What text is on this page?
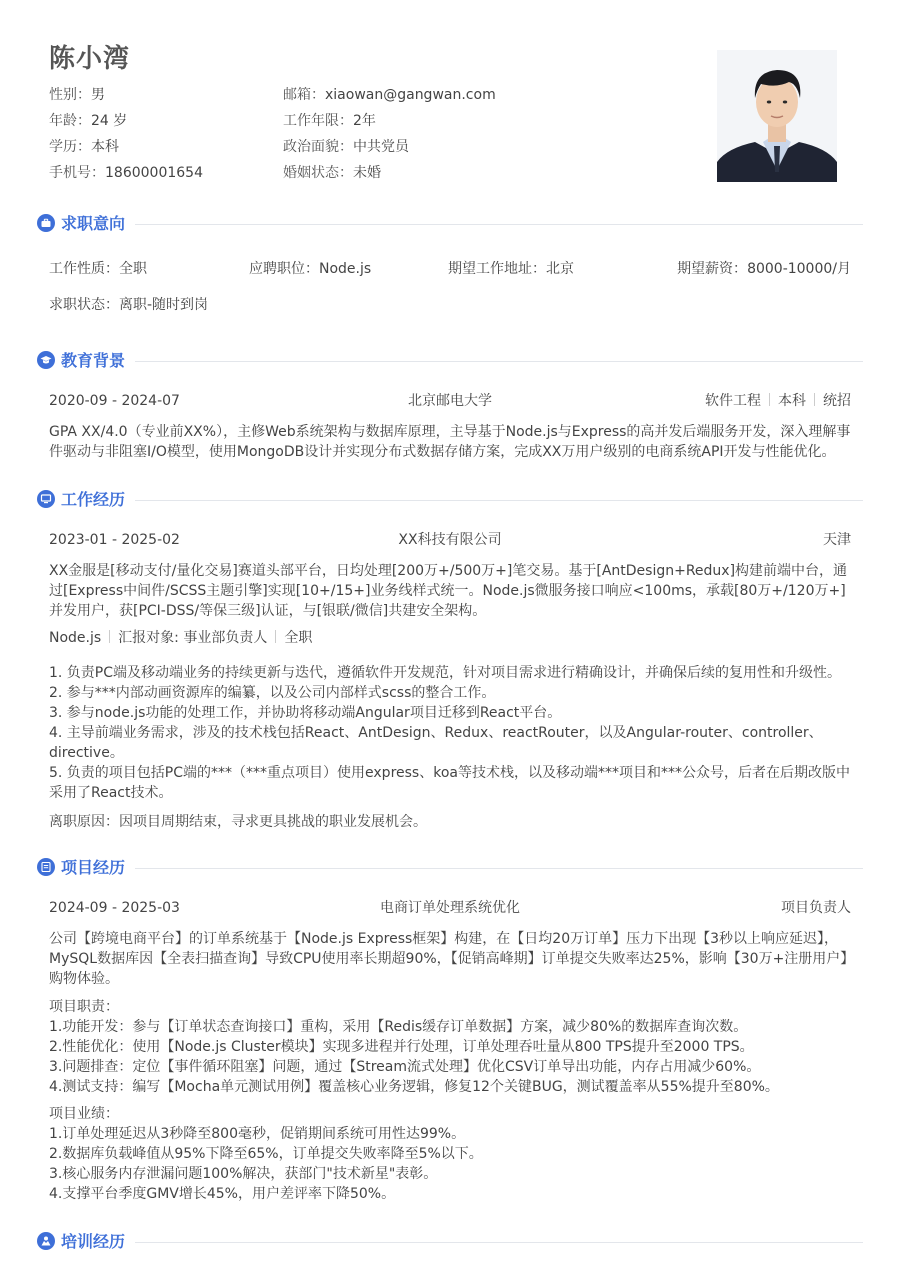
陈小湾
性别：男
年龄：24 岁
学历：本科
手机号：18600001654
邮箱：xiaowan@gangwan.com
工作年限：2年
政治面貌：中共党员
婚姻状态：未婚
求职意向
工作性质：全职	应聘职位：Node.js	期望工作地址：北京	期望薪资：8000-10000/月
求职状态：离职-随时到岗
教育背景
2020-09 - 2024-07	北京邮电大学	软件工程 本科 统招
GPA XX/4.0（专业前XX%），主修Web系统架构与数据库原理，主导基于Node.js与Express的高并发后端服务开发，深入理解事件驱动与非阻塞I/O模型，使用MongoDB设计并实现分布式数据存储方案，完成XX万用户级别的电商系统API开发与性能优化。
工作经历
2023-01 - 2025-02	XX科技有限公司	天津
XX金服是[移动支付/量化交易]赛道头部平台，日均处理[200万+/500万+]笔交易。基于[AntDesign+Redux]构建前端中台，通过[Express中间件/SCSS主题引擎]实现[10+/15+]业务线样式统一。Node.js微服务接口响应<100ms，承载[80万+/120万+]并发用户，获[PCI-DSS/等保三级]认证，与[银联/微信]共建安全架构。
Node.js 汇报对象: 事业部负责人 全职
1. 负责PC端及移动端业务的持续更新与迭代，遵循软件开发规范，针对项目需求进行精确设计，并确保后续的复用性和升级性。
2. 参与***内部动画资源库的编纂，以及公司内部样式scss的整合工作。
3. 参与node.js功能的处理工作，并协助将移动端Angular项目迁移到React平台。
4. 主导前端业务需求，涉及的技术栈包括React、AntDesign、Redux、reactRouter，以及Angular-router、controller、directive。
5. 负责的项目包括PC端的***（***重点项目）使用express、koa等技术栈，以及移动端***项目和***公众号，后者在后期改版中采用了React技术。
离职原因：因项目周期结束，寻求更具挑战的职业发展机会。
项目经历
2024-09 - 2025-03	电商订单处理系统优化	项目负责人
公司【跨境电商平台】的订单系统基于【Node.js Express框架】构建，在【日均20万订单】压力下出现【3秒以上响应延迟】，MySQL数据库因【全表扫描查询】导致CPU使用率长期超90%，【促销高峰期】订单提交失败率达25%，影响【30万+注册用户】购物体验。
项目职责：
1.功能开发：参与【订单状态查询接口】重构，采用【Redis缓存订单数据】方案，减少80%的数据库查询次数。
2.性能优化：使用【Node.js Cluster模块】实现多进程并行处理，订单处理吞吐量从800 TPS提升至2000 TPS。
3.问题排查：定位【事件循环阻塞】问题，通过【Stream流式处理】优化CSV订单导出功能，内存占用减少60%。
4.测试支持：编写【Mocha单元测试用例】覆盖核心业务逻辑，修复12个关键BUG，测试覆盖率从55%提升至80%。
项目业绩：
1.订单处理延迟从3秒降至800毫秒，促销期间系统可用性达99%。
2.数据库负载峰值从95%下降至65%，订单提交失败率降至5%以下。
3.核心服务内存泄漏问题100%解决，获部门"技术新星"表彰。
4.支撑平台季度GMV增长45%，用户差评率下降50%。
培训经历
